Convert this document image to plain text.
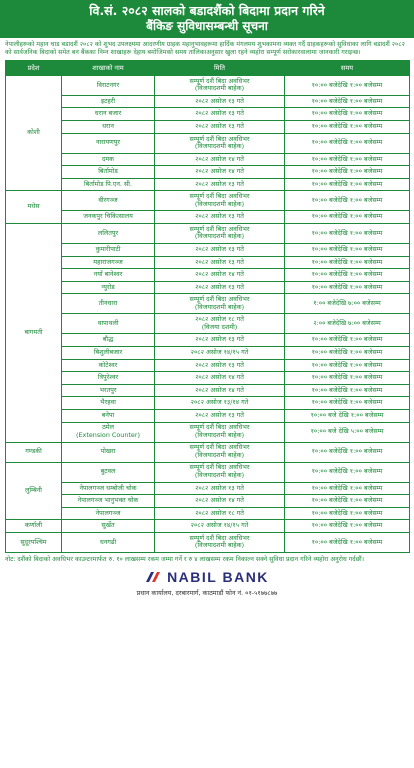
वि.सं. २०८२ सालको बडादशैंको बिदामा प्रदान गरिने
बैंकिङ सुविधासम्बन्धी सूचना
नेपालीहरूको महान चाड बडादशैं २०८२ को शुभद उपलक्ष्यमा आदरणीय ग्राहक महानुभावहरूमा हार्दिक मंगलमय शुभकामना व्यक्त गर्दै ग्राहकहरूको सुविधाका लागि बडादशैं २०८२ को सार्वजनिक बिदाको समेत बन बैंकका निम्न शाखाहरू देहाय बमोजिमको समय तालिकाअनुसार खुला रहने व्यहोरा सम्पूर्ण सरोकारवालामा जानकारी गराइन्छ।
प्रदेश	शाखाको नाम	मिति	समय
कोशी	विराटनगर	सम्पूर्ण दशैं बिदा अवधिभर
(विजयादशमी बाहेक)	१०:०० बजेदेखि १:०० बजेसम्म
	इटहरी	२०८२ असोज १३ गते	१०:०० बजेदेखि १:०० बजेसम्म
	धरान बजार	२०८२ असोज १३ गते	१०:०० बजेदेखि १:०० बजेसम्म
	धरान	२०८२ असोज १३ गते	१०:०० बजेदेखि १:०० बजेसम्म
	नारायणपुर	सम्पूर्ण दशैं बिदा अवधिभर
(विजयादशमी बाहेक)	१०:०० बजेदेखि १:०० बजेसम्म
	दमक	२०८२ असोज १४ गते	१०:०० बजेदेखि १:०० बजेसम्म
	बिर्तामोड	२०८२ असोज १४ गते	१०:०० बजेदेखि १:०० बजेसम्म
	बिर्तामोड पि.एन. सी.	२०८२ असोज १३ गते	१०:०० बजेदेखि १:०० बजेसम्म
मधेस	वीरगञ्ज	सम्पूर्ण दशैं बिदा अवधिभर
(विजयादशमी बाहेक)	१०:०० बजेदेखि १:०० बजेसम्म
	जनकपुर चिकित्सालय	२०८२ असोज १३ गते	१०:०० बजेदेखि १:०० बजेसम्म
बागमती	ललितपुर	सम्पूर्ण दशैं बिदा अवधिभर
(विजयादशमी बाहेक)	१०:०० बजेदेखि १:०० बजेसम्म
	कुमारीपाटी	२०८२ असोज १३ गते	१०:०० बजेदेखि १:०० बजेसम्म
	महाराजगञ्ज	२०८२ असोज १३ गते	१०:०० बजेदेखि १:०० बजेसम्म
	नयाँ बानेश्वर	२०८२ असोज १४ गते	१०:०० बजेदेखि १:०० बजेसम्म
	न्युरोड	२०८२ असोज १३ गते	१०:०० बजेदेखि १:०० बजेसम्म
	तीनधारा	सम्पूर्ण दशैं बिदा अवधिभर
(विजयादशमी बाहेक)	१:०० बजेदेखि ७:०० बजेसम्म
	थापाथली	२०८२ असोज १८ गते
(विजया दशमी)	२:०० बजेदेखि ७:०० बजेसम्म
	बौद्ध	२०८२ असोज १३ गते	१०:०० बजेदेखि १:०० बजेसम्म
	बिशुलीबजार	२०८२ असोज १४/१५ गते	१०:०० बजेदेखि १:०० बजेसम्म
	कोटेश्वर	२०८२ असोज १३ गते	१०:०० बजेदेखि १:०० बजेसम्म
	त्रिपुरेश्वर	२०८२ असोज १४ गते	१०:०० बजेदेखि १:०० बजेसम्म
	भरतपुर	२०८२ असोज १४ गते	१०:०० बजेदेखि १:०० बजेसम्म
	भैरहवा	२०८२ असोज १३/१४ गते	१०:०० बजेदेखि १:०० बजेसम्म
	बनेपा	२०८२ असोज १३ गते	१०:०० बजे देखि १:०० बजेसम्म
	ठमेल
(Extension Counter)	सम्पूर्ण दशैं बिदा अवधिभर
(विजयादशमी बाहेक)	१०:०० बजे देखि ५:०० बजेसम्म
गण्डकी	पोखरा	सम्पूर्ण दशैं बिदा अवधिभर
(विजयादशमी बाहेक)	१०:०० बजेदेखि १:०० बजेसम्म
लुम्बिनी	बुटवल	सम्पूर्ण दशैं बिदा अवधिभर
(विजयादशमी बाहेक)	१०:०० बजेदेखि १:०० बजेसम्म
	नेपालगञ्ज धम्बोजी चोक	२०८२ असोज १३ गते	१०:०० बजेदेखि १:०० बजेसम्म
	नेपालगञ्ज भानुभक्त चोक	२०८२ असोज १४ गते	१०:०० बजेदेखि १:०० बजेसम्म
	नेपालगञ्ज	२०८२ असोज १८ गते	१०:०० बजेदेखि १:०० बजेसम्म
कर्णाली	सुर्खेत	२०८२ असोज १४/१५ गते	१०:०० बजेदेखि १:०० बजेसम्म
सुदूरपश्चिम	धनगढी	सम्पूर्ण दशैं बिदा अवधिभर
(विजयादशमी बाहेक)	१०:०० बजेदेखि १:०० बजेसम्म
नोट: दशैंको बिदाको अवधिभर काउन्टरमार्फत रु. १० लाखसम्म रकम जम्मा गर्ने र रु ४ लाखसम्म रकम निकाल्न सक्ने सुविधा प्रदान गरिने व्यहोरा अनुरोध गर्दछौं।
NABIL BANK
प्रधान कार्यालय, दरबारमार्ग, काठमाडौं फोन नं. ०१-५१७७८७७
